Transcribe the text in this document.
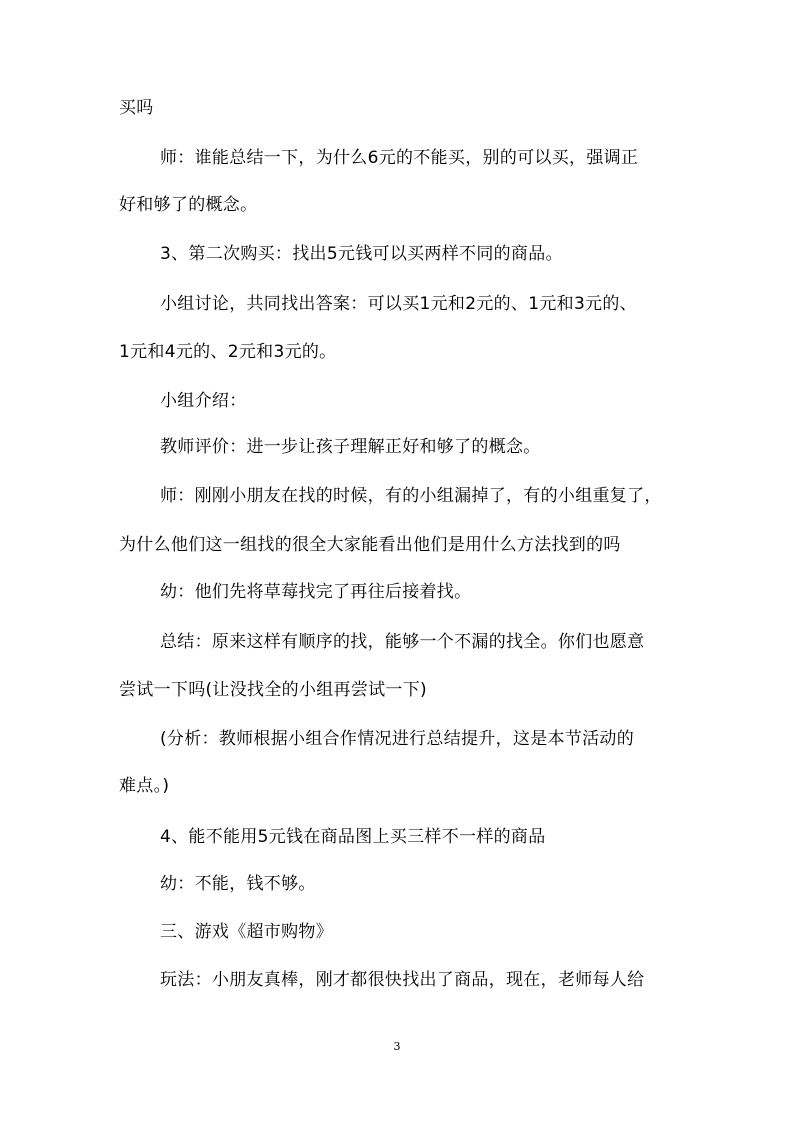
买吗
师：谁能总结一下，为什么6元的不能买，别的可以买，强调正
好和够了的概念。
3、第二次购买：找出5元钱可以买两样不同的商品。
小组讨论，共同找出答案：可以买1元和2元的、1元和3元的、
1元和4元的、2元和3元的。
小组介绍：
教师评价：进一步让孩子理解正好和够了的概念。
师：刚刚小朋友在找的时候，有的小组漏掉了，有的小组重复了，
为什么他们这一组找的很全大家能看出他们是用什么方法找到的吗
幼：他们先将草莓找完了再往后接着找。
总结：原来这样有顺序的找，能够一个不漏的找全。你们也愿意
尝试一下吗(让没找全的小组再尝试一下)
(分析：教师根据小组合作情况进行总结提升，这是本节活动的
难点。)
4、能不能用5元钱在商品图上买三样不一样的商品
幼：不能，钱不够。
三、游戏《超市购物》
玩法：小朋友真棒，刚才都很快找出了商品，现在，老师每人给
3
